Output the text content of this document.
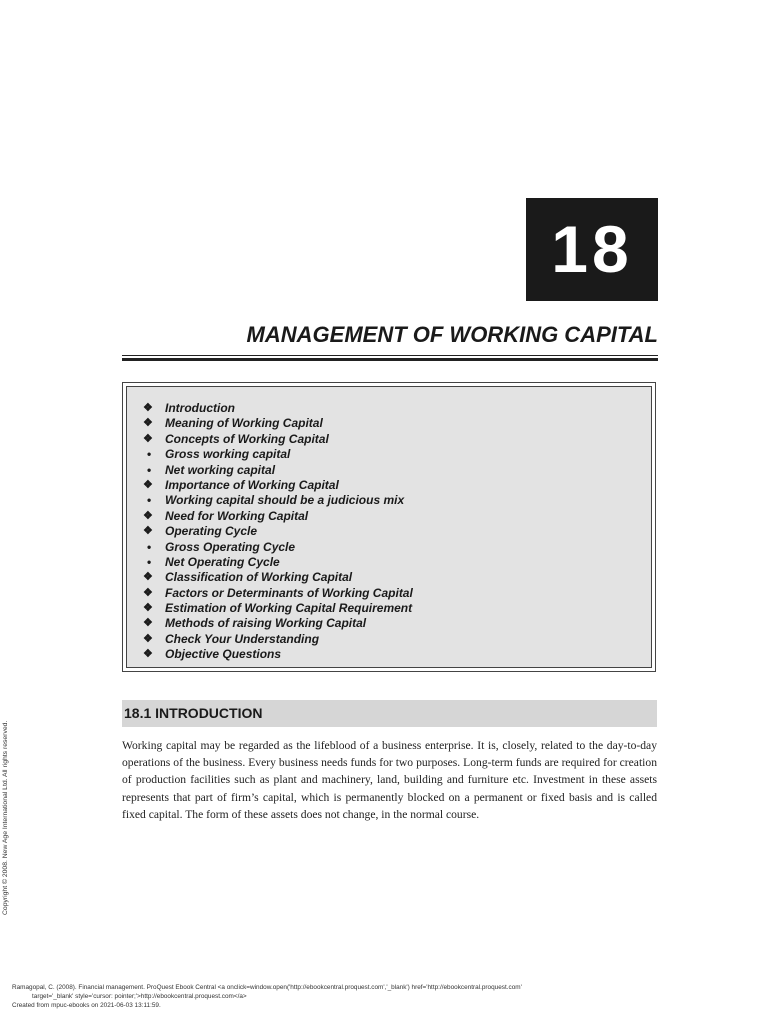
18
MANAGEMENT OF WORKING CAPITAL
❖	Introduction
❖	Meaning of Working Capital
❖	Concepts of Working Capital
•	Gross working capital
•	Net working capital
❖	Importance of Working Capital
•	Working capital should be a judicious mix
❖	Need for Working Capital
❖	Operating Cycle
•	Gross Operating Cycle
•	Net Operating Cycle
❖	Classification of Working Capital
❖	Factors or Determinants of Working Capital
❖	Estimation of Working Capital Requirement
❖	Methods of raising Working Capital
❖	Check Your Understanding
❖	Objective Questions
18.1 INTRODUCTION

Working capital may be regarded as the lifeblood of a business enterprise. It is, closely, related to the day-to-day operations of the business. Every business needs funds for two purposes. Long-term funds are required for creation of production facilities such as plant and machinery, land, building and furniture etc. Investment in these assets represents that part of firm’s capital, which is permanently blocked on a permanent or fixed basis and is called fixed capital. The form of these assets does not change, in the normal course.

Copyright © 2008. New Age International Ltd. All rights reserved.
Ramagopal, C. (2008). Financial management. ProQuest Ebook Central <a onclick=window.open('http://ebookcentral.proquest.com','_blank') href='http://ebookcentral.proquest.com'
target='_blank' style='cursor: pointer;'>http://ebookcentral.proquest.com</a>
Created from mpuc-ebooks on 2021-06-03 13:11:59.
